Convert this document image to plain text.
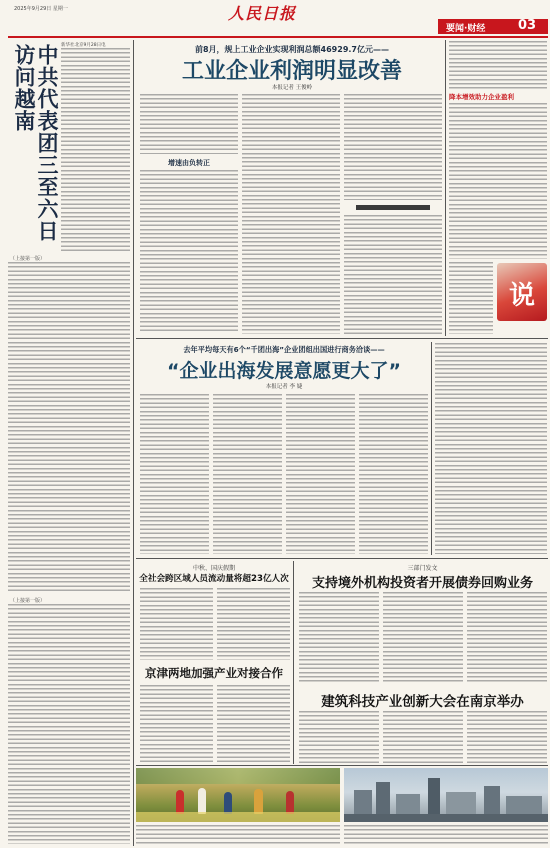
2025年9月29日 星期一	人民日报
要闻·财经	03
中共代表团三至六日访问越南	新华社北京9月28日电
（上接第一版）
（上接第一版）
前8月，规上工业企业实现利润总额46929.7亿元——
工业企业利润明显改善
本报记者 王俊岭
增速由负转正
降本增效助力企业盈利
说
去年平均每天有6个“千团出海”企业团组出国进行商务洽谈——
“企业出海发展意愿更大了”
本报记者 李 婕
中秋、国庆假期
全社会跨区域人员流动量将超23亿人次
京津两地加强产业对接合作
三部门发文
支持境外机构投资者开展债券回购业务
建筑科技产业创新大会在南京举办
